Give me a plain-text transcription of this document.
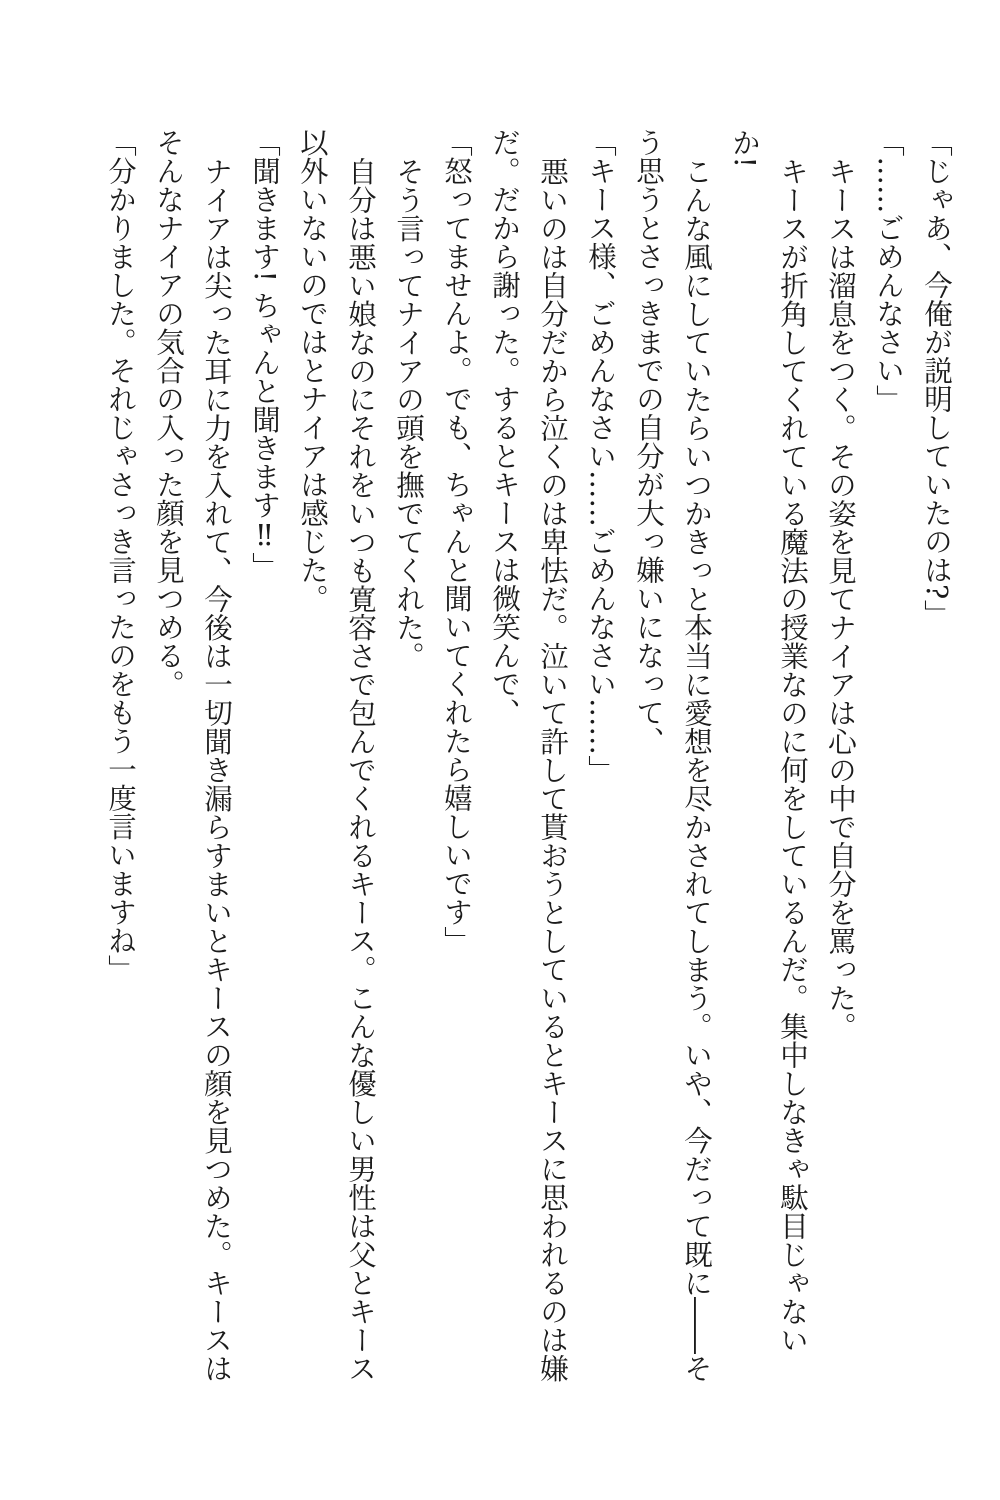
「じゃあ、今俺が説明していたのは?」

「……ごめんなさい」

キースは溜息をつく。その姿を見てナイアは心の中で自分を罵った。

キースが折角してくれている魔法の授業なのに何をしているんだ。集中しなきゃ駄目じゃないか!

こんな風にしていたらいつかきっと本当に愛想を尽かされてしまう。いや、今だって既に――そう思うとさっきまでの自分が大っ嫌いになって、

「キース様、ごめんなさい……ごめんなさい……」

悪いのは自分だから泣くのは卑怯だ。泣いて許して貰おうとしているとキースに思われるのは嫌だ。だから謝った。するとキースは微笑んで、

「怒ってませんよ。でも、ちゃんと聞いてくれたら嬉しいです」

そう言ってナイアの頭を撫でてくれた。

自分は悪い娘なのにそれをいつも寛容さで包んでくれるキース。こんな優しい男性は父とキース以外いないのではとナイアは感じた。

「聞きます! ちゃんと聞きます‼」

ナイアは尖った耳に力を入れて、今後は一切聞き漏らすまいとキースの顔を見つめた。キースはそんなナイアの気合の入った顔を見つめる。

「分かりました。それじゃさっき言ったのをもう一度言いますね」
